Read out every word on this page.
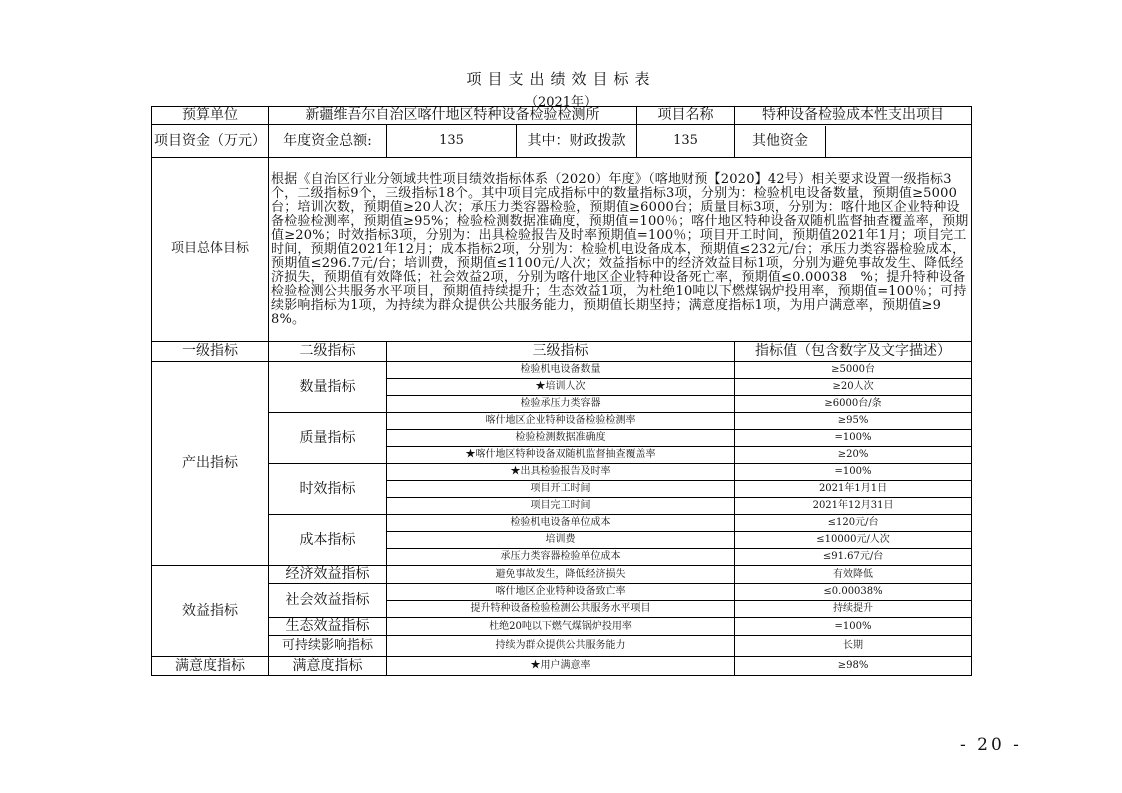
项目支出绩效目标表
（2021年）
预算单位	新疆维吾尔自治区喀什地区特种设备检验检测所			项目名称	特种设备检验成本性支出项目
项目资金（万元）	年度资金总额:	135	其中：财政拨款	135	其他资金

项目总体目标	根据《自治区行业分领域共性项目绩效指标体系（2020）年度》（喀地财预【2020】42号）相关要求设置一级指标3个，二级指标9个，三级指标18个。其中项目完成指标中的数量指标3项，分别为：检验机电设备数量，预期值≥5000台；培训次数，预期值≥20人次；承压力类容器检验，预期值≥6000台；质量目标3项，分别为：喀什地区企业特种设备检验检测率，预期值≥95%；检验检测数据准确度，预期值=100％；喀什地区特种设备双随机监督抽查覆盖率，预期值≥20%；时效指标3项，分别为：出具检验报告及时率预期值=100％；项目开工时间，预期值2021年1月；项目完工时间，预期值2021年12月；成本指标2项，分别为：检验机电设备成本，预期值≤232元/台；承压力类容器检验成本，预期值≤296.7元/台；培训费，预期值≤1100元/人次；效益指标中的经济效益目标1项，分别为避免事故发生、降低经济损失，预期值有效降低；社会效益2项，分别为喀什地区企业特种设备死亡率，预期值≤0.00038　%；提升特种设备检验检测公共服务水平项目，预期值持续提升；生态效益1项，为杜绝10吨以下燃煤锅炉投用率，预期值=100％；可持续影响指标为1项，为持续为群众提供公共服务能力，预期值长期坚持；满意度指标1项，为用户满意率，预期值≥98%。				
一级指标	二级指标	三级指标			指标值（包含数字及文字描述）
产出指标	数量指标	检验机电设备数量			≥5000台
		★培训人次			≥20人次
		检验承压力类容器			≥6000台/条
	质量指标	喀什地区企业特种设备检验检测率			≥95%
		检验检测数据准确度			=100%
		★喀什地区特种设备双随机监督抽查覆盖率			≥20%
	时效指标	★出具检验报告及时率			=100%
		项目开工时间			2021年1月1日
		项目完工时间			2021年12月31日
	成本指标	检验机电设备单位成本			≤120元/台
		培训费			≤10000元/人次
		承压力类容器检验单位成本			≤91.67元/台
效益指标	经济效益指标	避免事故发生，降低经济损失			有效降低
	社会效益指标	喀什地区企业特种设备致亡率			≤0.00038%
		提升特种设备检验检测公共服务水平项目			持续提升
	生态效益指标	杜绝20吨以下燃气煤锅炉投用率			=100%
	可持续影响指标	持续为群众提供公共服务能力			长期
满意度指标	满意度指标	★用户满意率			≥98%
- 20 -
